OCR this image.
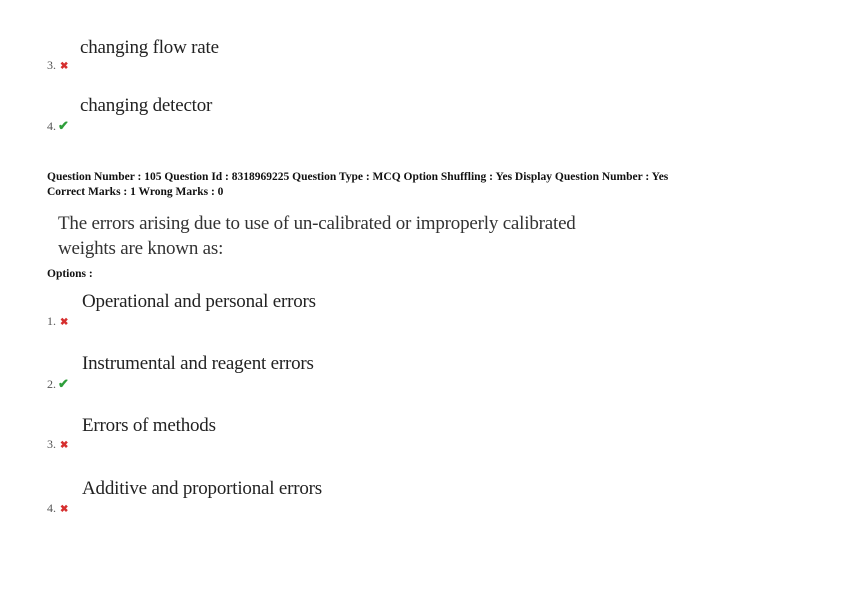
changing flow rate
3. ✖
changing detector
4. ✔
Question Number : 105 Question Id : 8318969225 Question Type : MCQ Option Shuffling : Yes Display Question Number : Yes
Correct Marks : 1 Wrong Marks : 0
The errors arising due to use of un-calibrated or improperly calibrated
weights are known as:
Options :
Operational and personal errors
1. ✖
Instrumental and reagent errors
2. ✔
Errors of methods
3. ✖
Additive and proportional errors
4. ✖
